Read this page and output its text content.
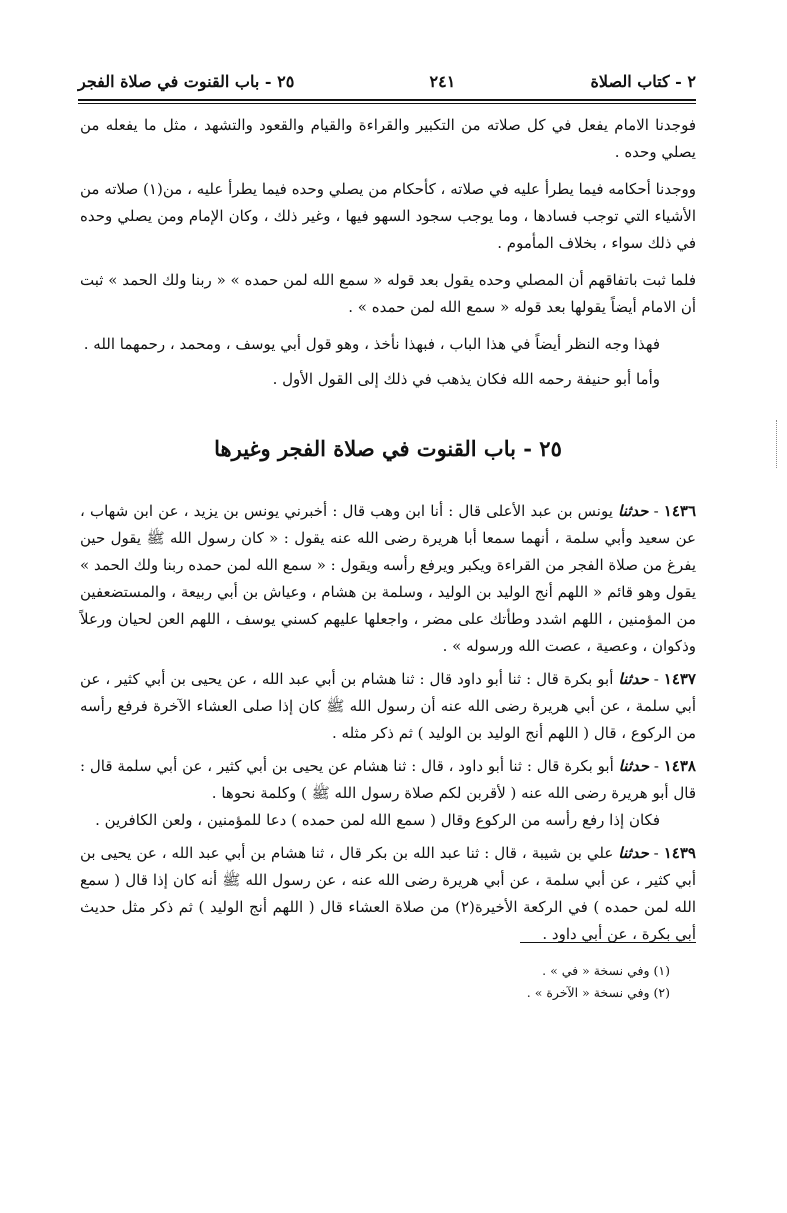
٢٥ - باب القنوت في صلاة الفجر	٢٤١	٢ - كتاب الصلاة

فوجدنا الامام يفعل في كل صلاته من التكبير والقراءة والقيام والقعود والتشهد ، مثل ما يفعله من يصلي وحده .

ووجدنا أحكامه فيما يطرأ عليه في صلاته ، كأحكام من يصلي وحده فيما يطرأ عليه ، من(١) صلاته من الأشياء التي توجب فسادها ، وما يوجب سجود السهو فيها ، وغير ذلك ، وكان الإمام ومن يصلي وحده في ذلك سواء ، بخلاف المأموم .

فلما ثبت باتفاقهم أن المصلي وحده يقول بعد قوله « سمع الله لمن حمده » « ربنا ولك الحمد » ثبت أن الامام أيضاً يقولها بعد قوله « سمع الله لمن حمده » .

فهذا وجه النظر أيضاً في هذا الباب ، فبهذا نأخذ ، وهو قول أبي يوسف ، ومحمد ، رحمهما الله .

وأما أبو حنيفة رحمه الله فكان يذهب في ذلك إلى القول الأول .

٢٥ - باب القنوت في صلاة الفجر وغيرها

١٤٣٦ - حدثنا يونس بن عبد الأعلى قال : أنا ابن وهب قال : أخبرني يونس بن يزيد ، عن ابن شهاب ، عن سعيد وأبي سلمة ، أنهما سمعا أبا هريرة رضى الله عنه يقول : « كان رسول الله ﷺ يقول حين يفرغ من صلاة الفجر من القراءة ويكبر ويرفع رأسه ويقول : « سمع الله لمن حمده ربنا ولك الحمد » يقول وهو قائم « اللهم أنج الوليد بن الوليد ، وسلمة بن هشام ، وعياش بن أبي ربيعة ، والمستضعفين من المؤمنين ، اللهم اشدد وطأتك على مضر ، واجعلها عليهم كسني يوسف ، اللهم العن لحيان ورعلاً وذكوان ، وعصية ، عصت الله ورسوله » .

١٤٣٧ - حدثنا أبو بكرة قال : ثنا أبو داود قال : ثنا هشام بن أبي عبد الله ، عن يحيى بن أبي كثير ، عن أبي سلمة ، عن أبي هريرة رضى الله عنه أن رسول الله ﷺ كان إذا صلى العشاء الآخرة فرفع رأسه من الركوع ، قال ( اللهم أنج الوليد بن الوليد ) ثم ذكر مثله .

١٤٣٨ - حدثنا أبو بكرة قال : ثنا أبو داود ، قال : ثنا هشام عن يحيى بن أبي كثير ، عن أبي سلمة قال : قال أبو هريرة رضى الله عنه ( لأقربن لكم صلاة رسول الله ﷺ ) وكلمة نحوها .

فكان إذا رفع رأسه من الركوع وقال ( سمع الله لمن حمده ) دعا للمؤمنين ، ولعن الكافرين .

١٤٣٩ - حدثنا علي بن شيبة ، قال : ثنا عبد الله بن بكر قال ، ثنا هشام بن أبي عبد الله ، عن يحيى بن أبي كثير ، عن أبي سلمة ، عن أبي هريرة رضى الله عنه ، عن رسول الله ﷺ أنه كان إذا قال ( سمع الله لمن حمده ) في الركعة الأخيرة(٢) من صلاة العشاء قال ( اللهم أنج الوليد ) ثم ذكر مثل حديث أبي بكرة ، عن أبي داود .

(١) وفي نسخة « في » .
(٢) وفي نسخة « الآخرة » .
